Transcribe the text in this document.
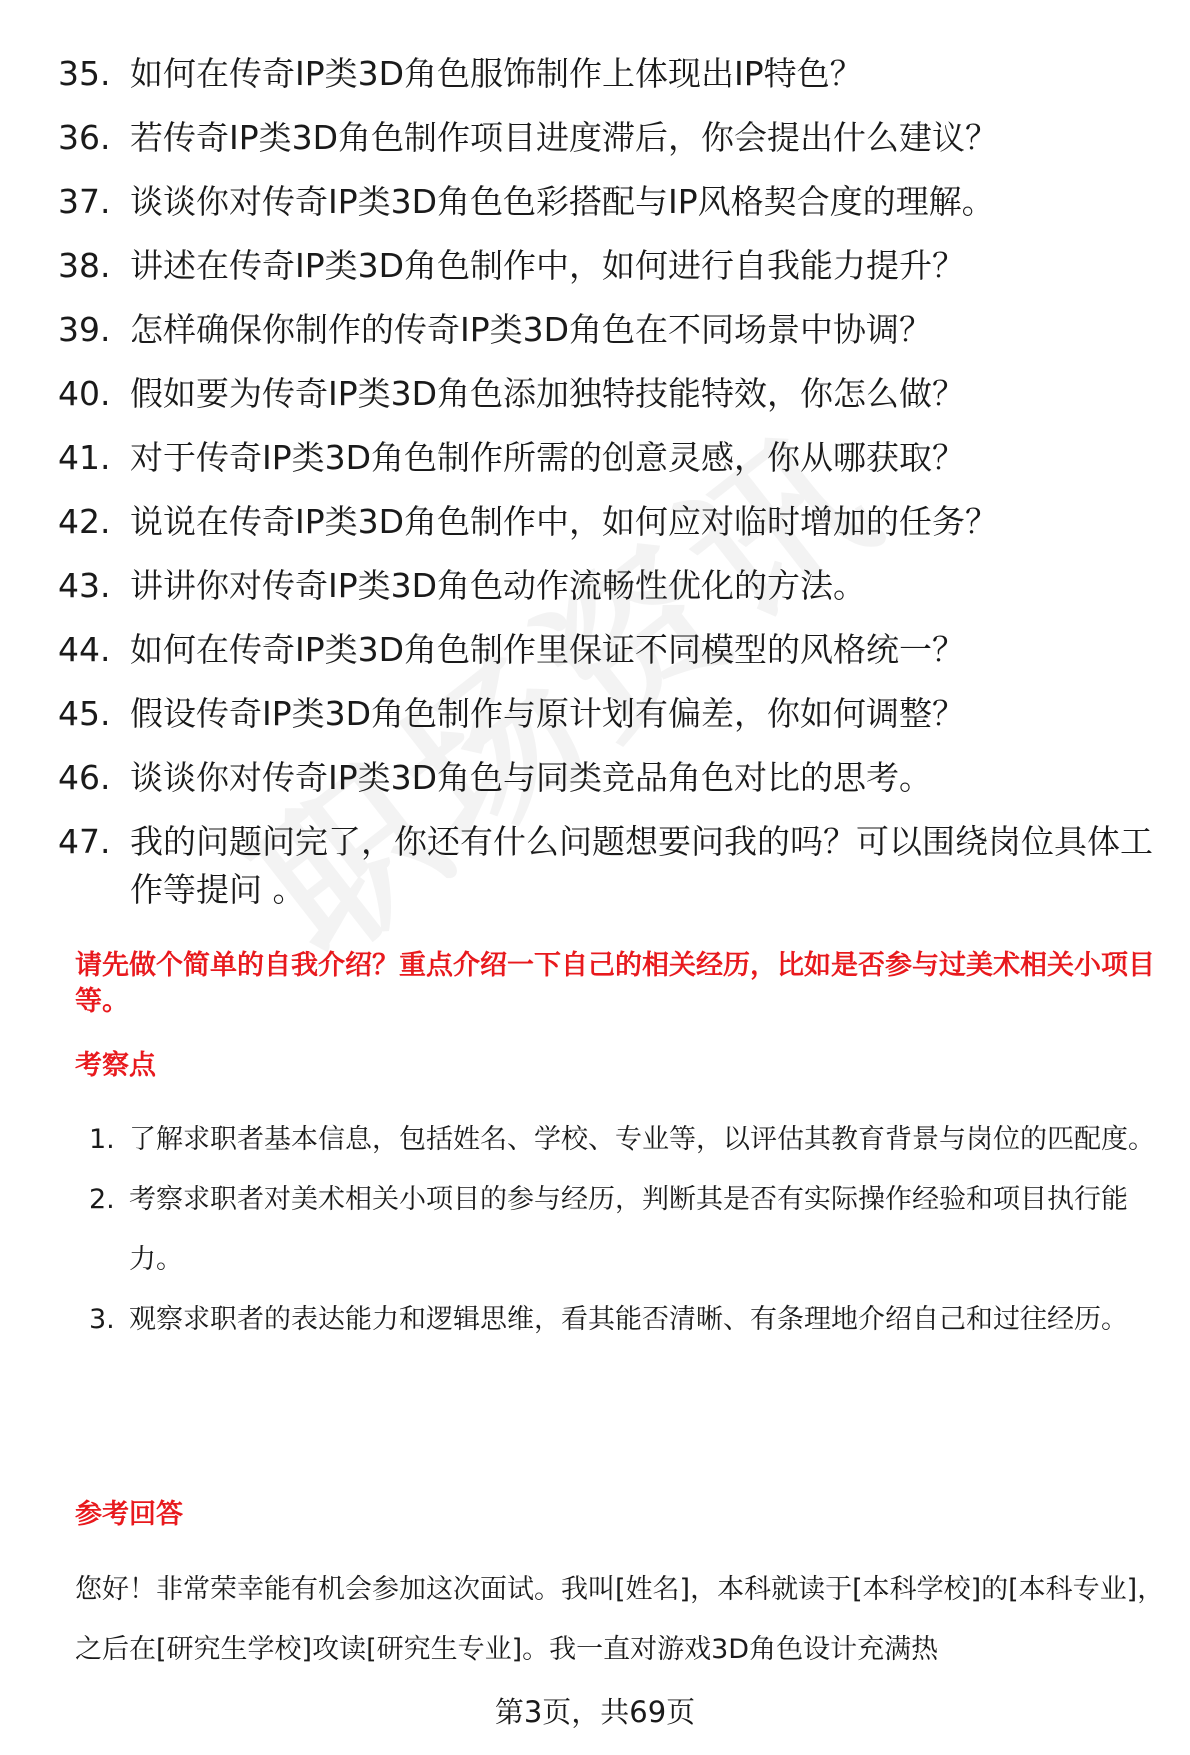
35. 如何在传奇IP类3D角色服饰制作上体现出IP特色？
36. 若传奇IP类3D角色制作项目进度滞后，你会提出什么建议？
37. 谈谈你对传奇IP类3D角色色彩搭配与IP风格契合度的理解。
38. 讲述在传奇IP类3D角色制作中，如何进行自我能力提升？
39. 怎样确保你制作的传奇IP类3D角色在不同场景中协调？
40. 假如要为传奇IP类3D角色添加独特技能特效，你怎么做？
41. 对于传奇IP类3D角色制作所需的创意灵感，你从哪获取？
42. 说说在传奇IP类3D角色制作中，如何应对临时增加的任务？
43. 讲讲你对传奇IP类3D角色动作流畅性优化的方法。
44. 如何在传奇IP类3D角色制作里保证不同模型的风格统一？
45. 假设传奇IP类3D角色制作与原计划有偏差，你如何调整？
46. 谈谈你对传奇IP类3D角色与同类竞品角色对比的思考。
47. 我的问题问完了，你还有什么问题想要问我的吗？可以围绕岗位具体工作等提问 。
请先做个简单的自我介绍？重点介绍一下自己的相关经历，比如是否参与过美术相关小项目等。
考察点
1. 了解求职者基本信息，包括姓名、学校、专业等，以评估其教育背景与岗位的匹配度。
2. 考察求职者对美术相关小项目的参与经历，判断其是否有实际操作经验和项目执行能力。
3. 观察求职者的表达能力和逻辑思维，看其能否清晰、有条理地介绍自己和过往经历。
参考回答
您好！非常荣幸能有机会参加这次面试。我叫[姓名]，本科就读于[本科学校]的[本科专业]，之后在[研究生学校]攻读[研究生专业]。我一直对游戏3D角色设计充满热
第3页，共69页
